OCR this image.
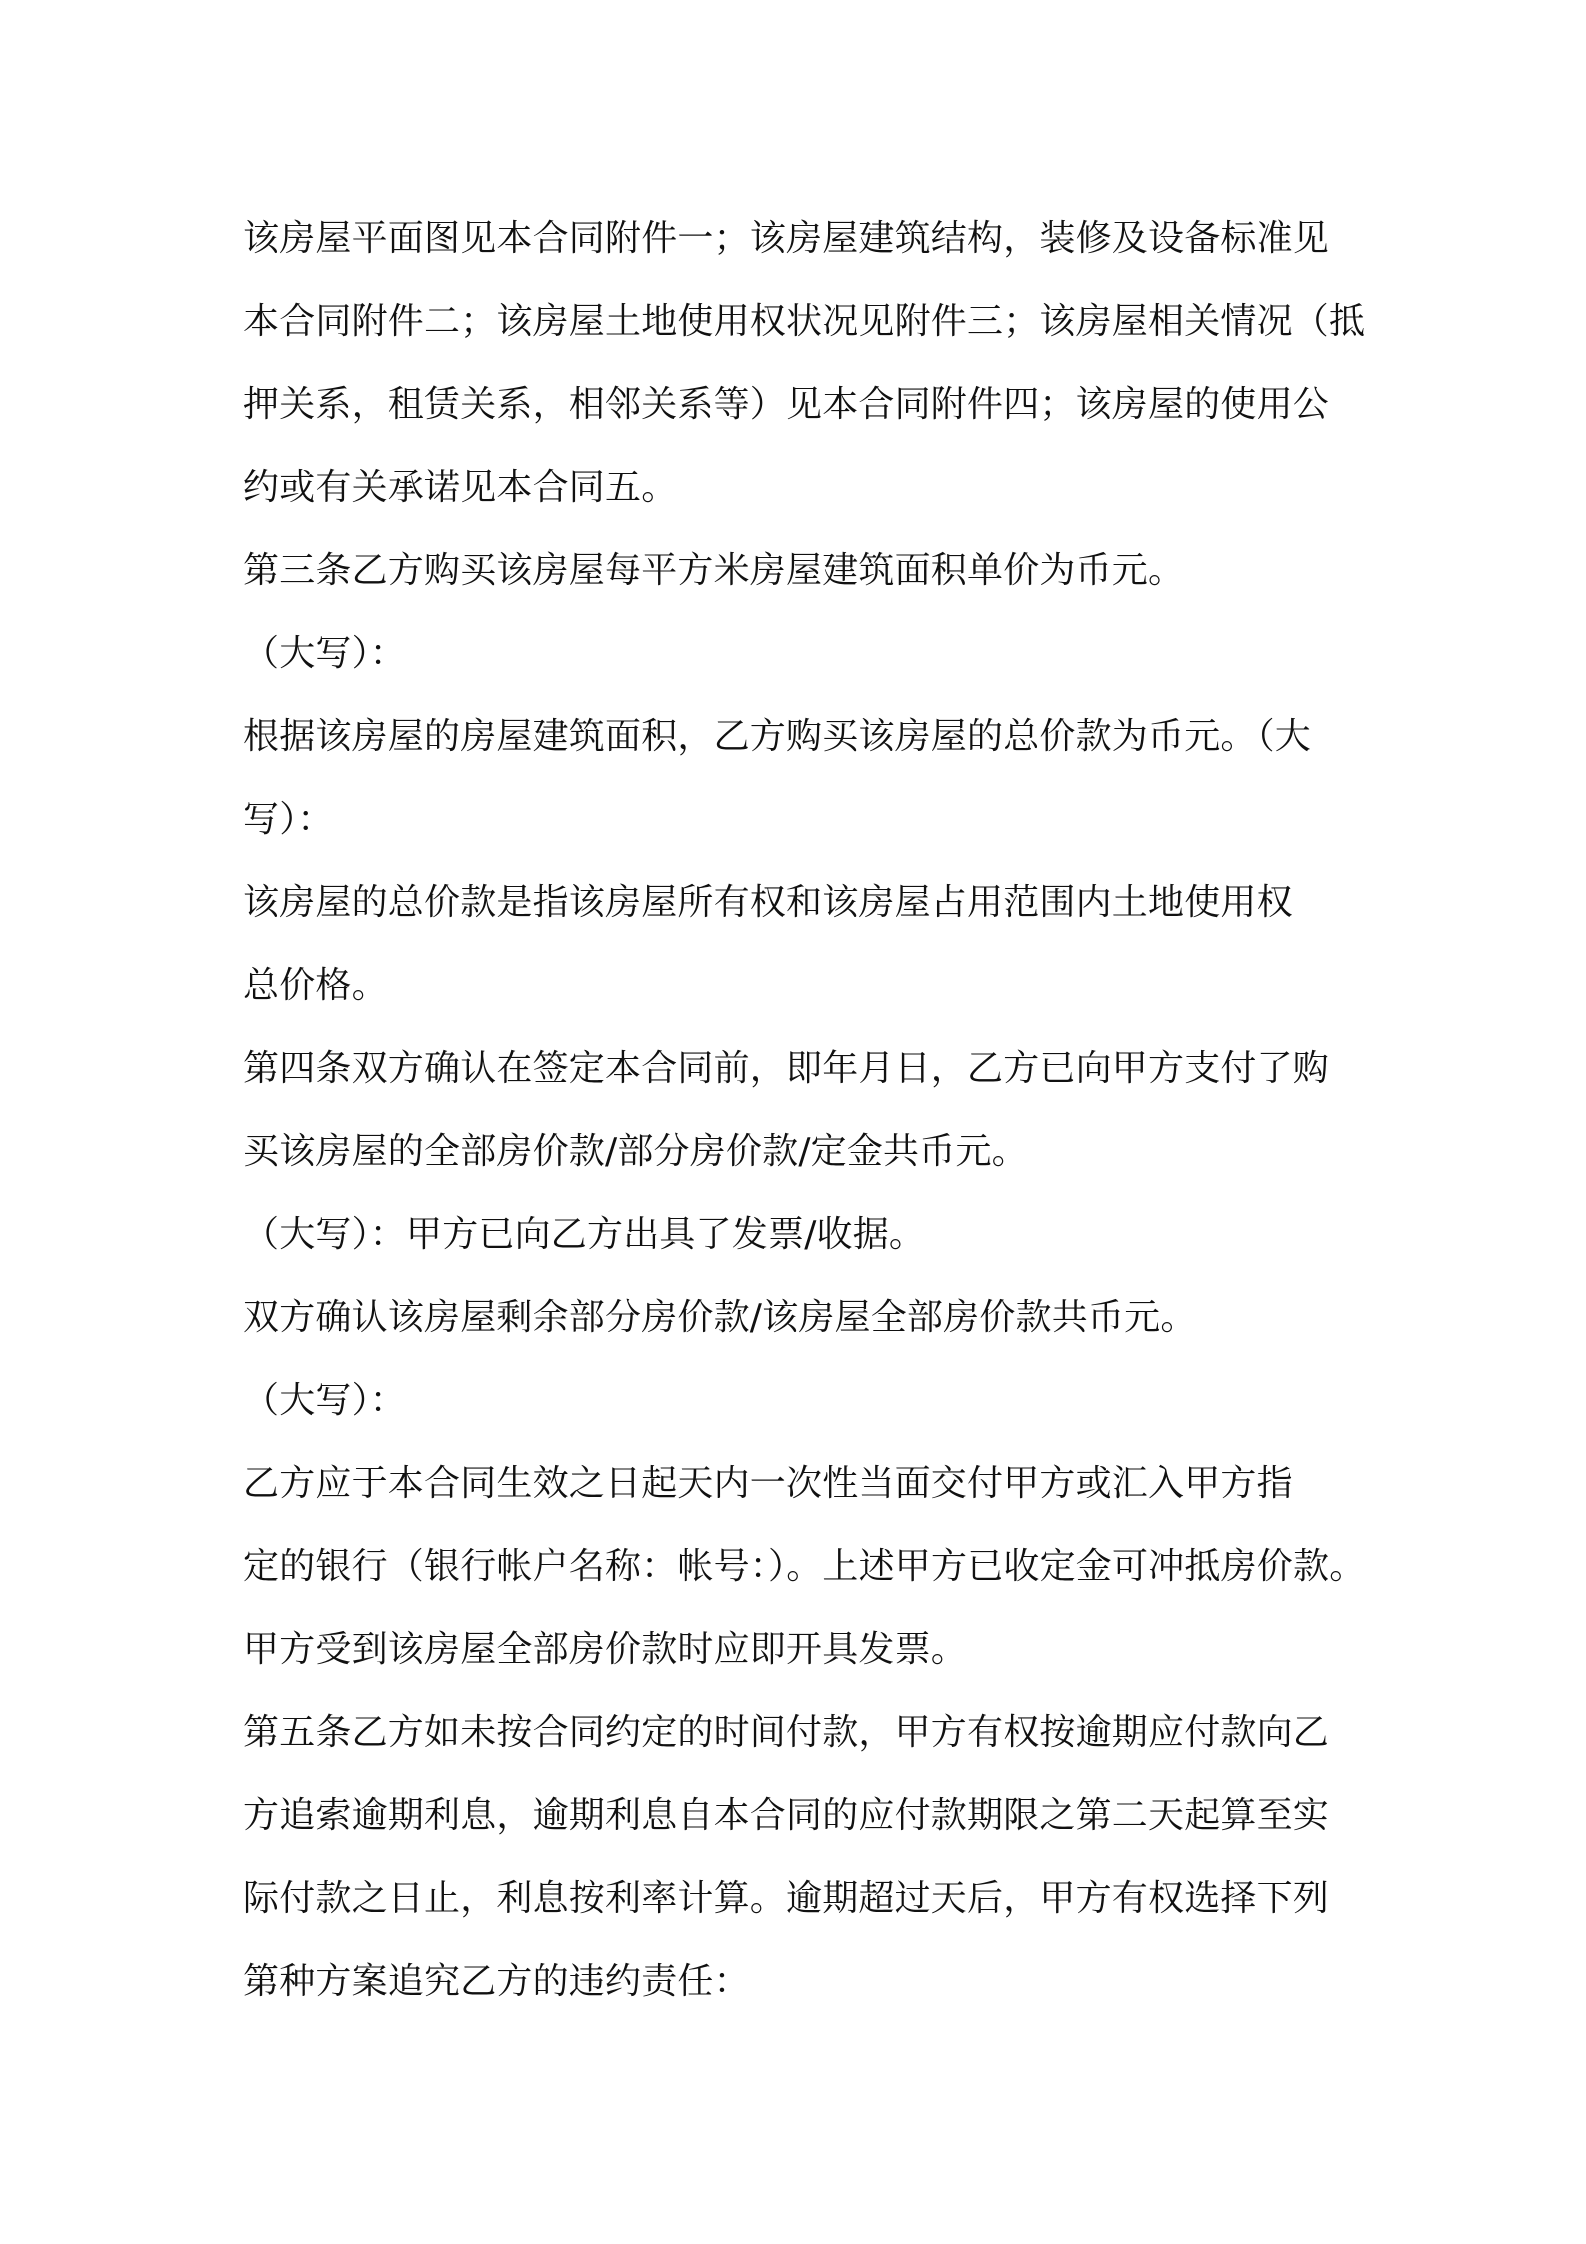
该房屋平面图见本合同附件一；该房屋建筑结构，装修及设备标准见
本合同附件二；该房屋土地使用权状况见附件三；该房屋相关情况（抵
押关系，租赁关系，相邻关系等）见本合同附件四；该房屋的使用公
约或有关承诺见本合同五。
第三条乙方购买该房屋每平方米房屋建筑面积单价为币元。
（大写）：
根据该房屋的房屋建筑面积，乙方购买该房屋的总价款为币元。（大
写）：
该房屋的总价款是指该房屋所有权和该房屋占用范围内土地使用权
总价格。
第四条双方确认在签定本合同前，即年月日，乙方已向甲方支付了购
买该房屋的全部房价款/部分房价款/定金共币元。
（大写）：甲方已向乙方出具了发票/收据。
双方确认该房屋剩余部分房价款/该房屋全部房价款共币元。
（大写）：
乙方应于本合同生效之日起天内一次性当面交付甲方或汇入甲方指
定的银行（银行帐户名称：帐号：）。上述甲方已收定金可冲抵房价款。
甲方受到该房屋全部房价款时应即开具发票。
第五条乙方如未按合同约定的时间付款，甲方有权按逾期应付款向乙
方追索逾期利息，逾期利息自本合同的应付款期限之第二天起算至实
际付款之日止，利息按利率计算。逾期超过天后，甲方有权选择下列
第种方案追究乙方的违约责任：
